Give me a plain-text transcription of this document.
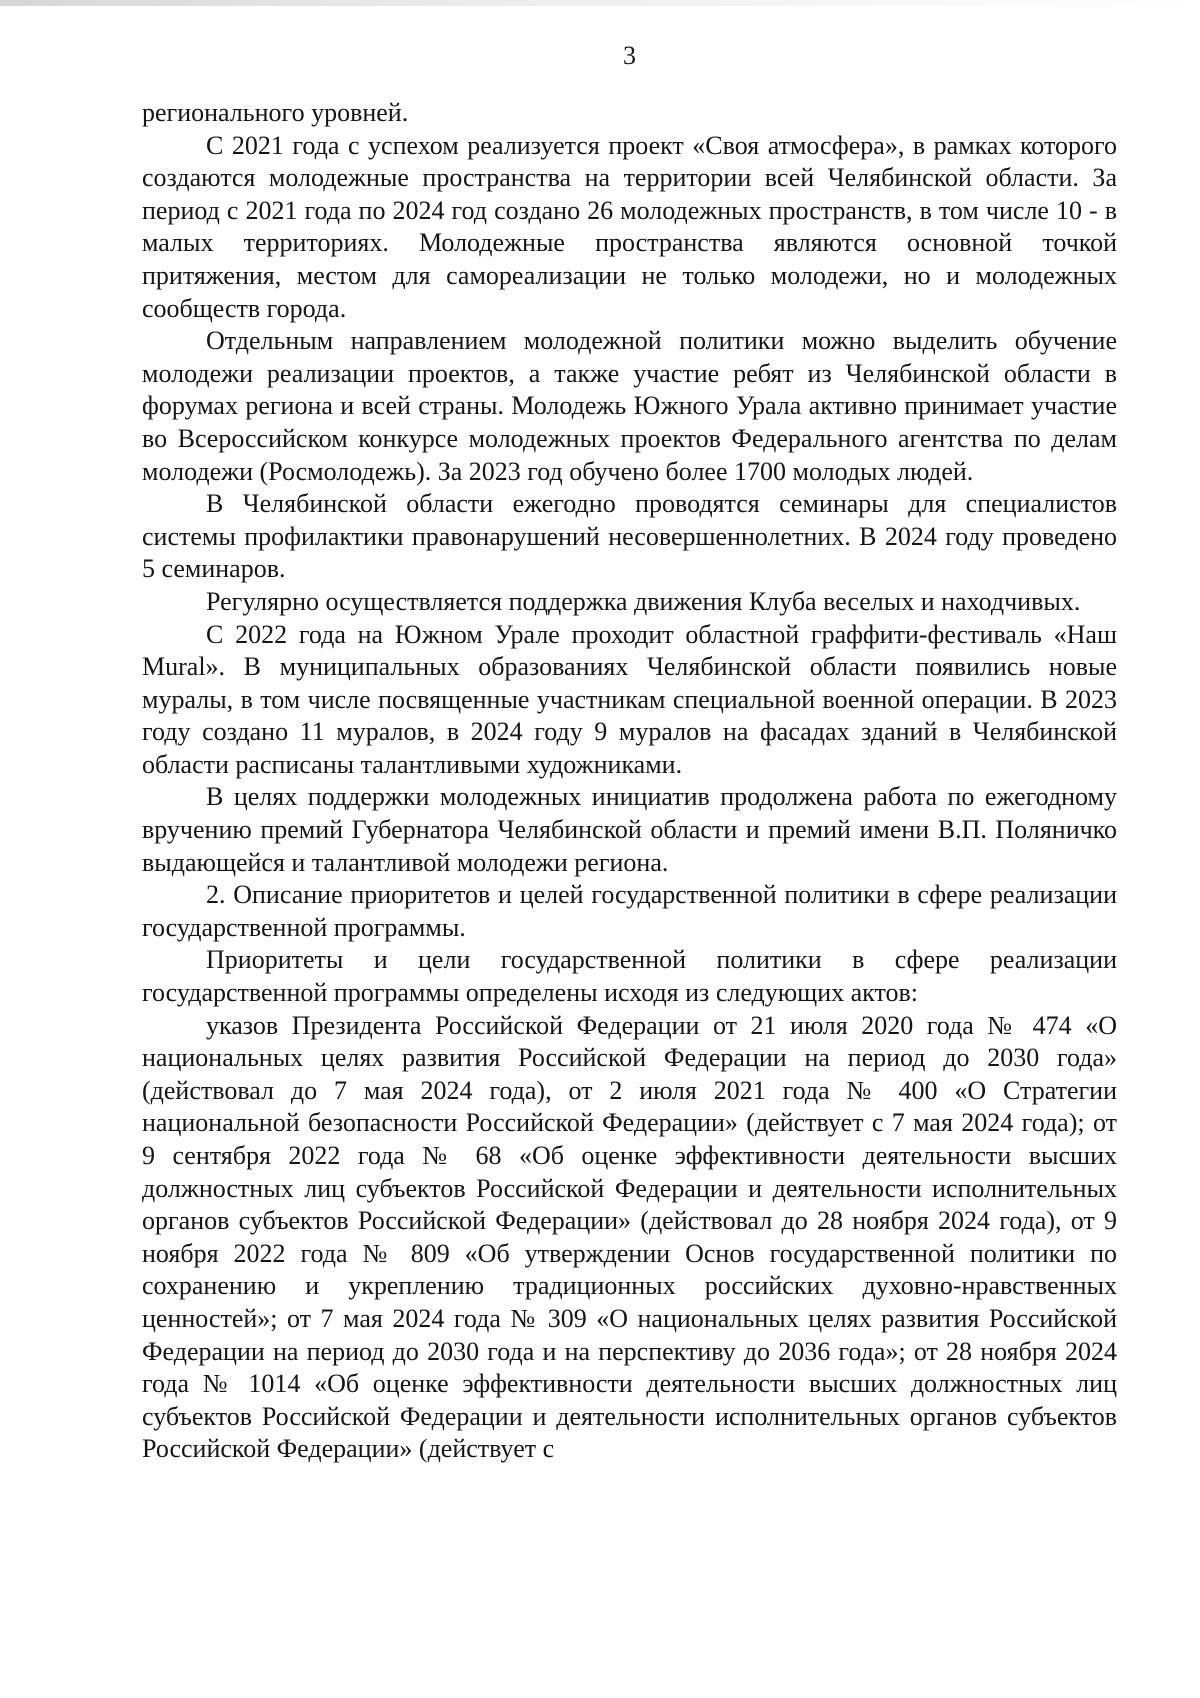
3

регионального уровней.

С 2021 года с успехом реализуется проект «Своя атмосфера», в рамках которого создаются молодежные пространства на территории всей Челябинской области. За период с 2021 года по 2024 год создано 26 молодежных пространств, в том числе 10 - в малых территориях. Молодежные пространства являются основной точкой притяжения, местом для самореализации не только молодежи, но и молодежных сообществ города.

Отдельным направлением молодежной политики можно выделить обучение молодежи реализации проектов, а также участие ребят из Челябинской области в форумах региона и всей страны. Молодежь Южного Урала активно принимает участие во Всероссийском конкурсе молодежных проектов Федерального агентства по делам молодежи (Росмолодежь). За 2023 год обучено более 1700 молодых людей.

В Челябинской области ежегодно проводятся семинары для специалистов системы профилактики правонарушений несовершеннолетних. В 2024 году проведено 5 семинаров.

Регулярно осуществляется поддержка движения Клуба веселых и находчивых.

С 2022 года на Южном Урале проходит областной граффити-фестиваль «Наш Mural». В муниципальных образованиях Челябинской области появились новые муралы, в том числе посвященные участникам специальной военной операции. В 2023 году создано 11 муралов, в 2024 году 9 муралов на фасадах зданий в Челябинской области расписаны талантливыми художниками.

В целях поддержки молодежных инициатив продолжена работа по ежегодному вручению премий Губернатора Челябинской области и премий имени В.П. Поляничко выдающейся и талантливой молодежи региона.

2. Описание приоритетов и целей государственной политики в сфере реализации государственной программы.

Приоритеты и цели государственной политики в сфере реализации государственной программы определены исходя из следующих актов:

указов Президента Российской Федерации от 21 июля 2020 года № 474 «О национальных целях развития Российской Федерации на период до 2030 года» (действовал до 7 мая 2024 года), от 2 июля 2021 года № 400 «О Стратегии национальной безопасности Российской Федерации» (действует с 7 мая 2024 года); от 9 сентября 2022 года № 68 «Об оценке эффективности деятельности высших должностных лиц субъектов Российской Федерации и деятельности исполнительных органов субъектов Российской Федерации» (действовал до 28 ноября 2024 года), от 9 ноября 2022 года № 809 «Об утверждении Основ государственной политики по сохранению и укреплению традиционных российских духовно-нравственных ценностей»; от 7 мая 2024 года № 309 «О национальных целях развития Российской Федерации на период до 2030 года и на перспективу до 2036 года»; от 28 ноября 2024 года № 1014 «Об оценке эффективности деятельности высших должностных лиц субъектов Российской Федерации и деятельности исполнительных органов субъектов Российской Федерации» (действует с
